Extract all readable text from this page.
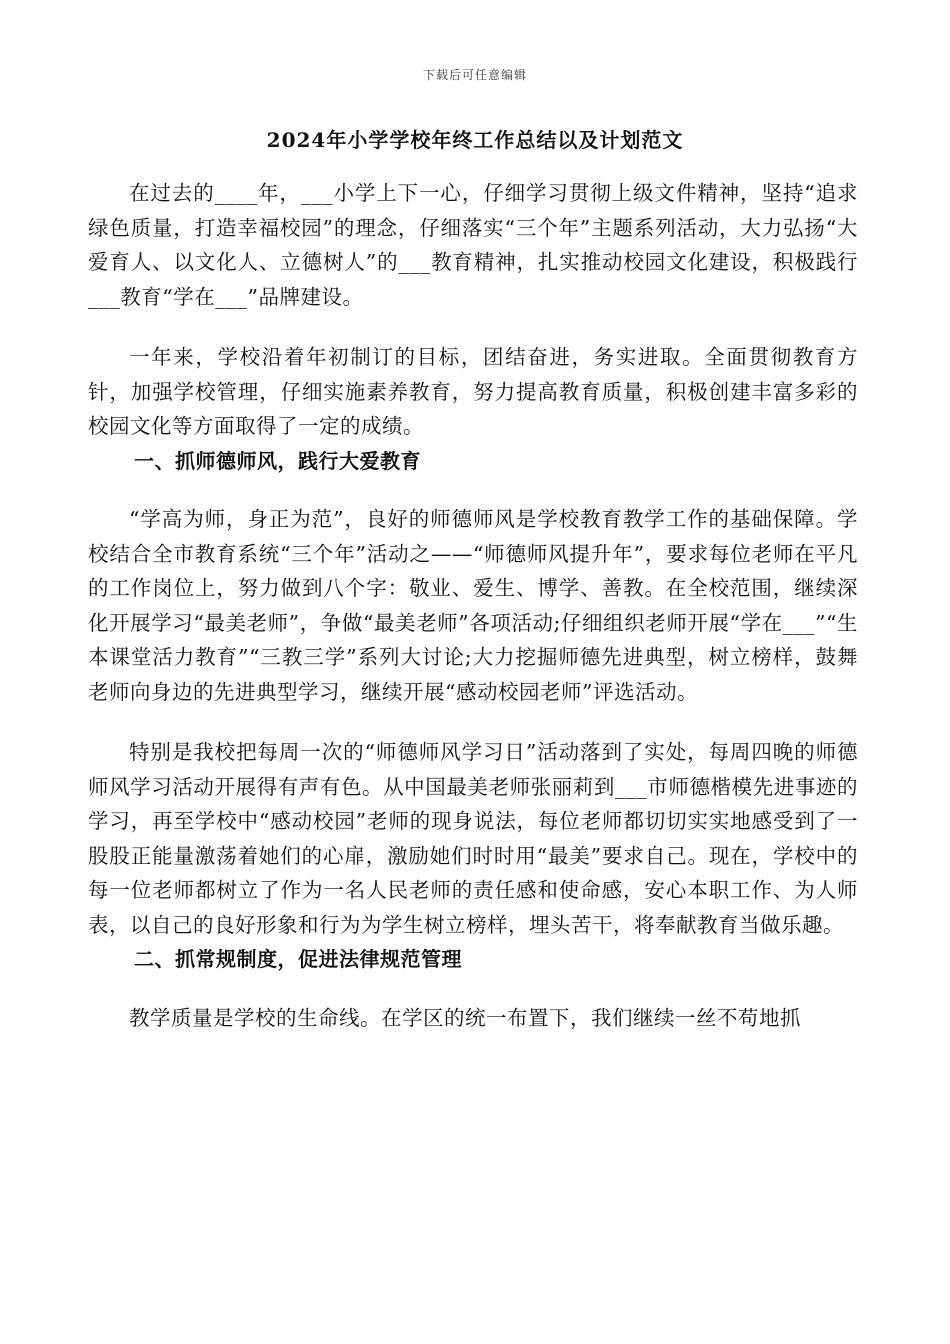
下载后可任意编辑
2024年小学学校年终工作总结以及计划范文

在过去的____年，___小学上下一心，仔细学习贯彻上级文件精神，坚持“追求绿色质量，打造幸福校园”的理念，仔细落实“三个年”主题系列活动，大力弘扬“大爱育人、以文化人、立德树人”的___教育精神，扎实推动校园文化建设，积极践行___教育“学在___”品牌建设。

一年来，学校沿着年初制订的目标，团结奋进，务实进取。全面贯彻教育方针，加强学校管理，仔细实施素养教育，努力提高教育质量，积极创建丰富多彩的校园文化等方面取得了一定的成绩。

一、抓师德师风，践行大爱教育

“学高为师，身正为范”，良好的师德师风是学校教育教学工作的基础保障。学校结合全市教育系统“三个年”活动之——“师德师风提升年”，要求每位老师在平凡的工作岗位上，努力做到八个字：敬业、爱生、博学、善教。在全校范围，继续深化开展学习“最美老师”，争做“最美老师”各项活动;仔细组织老师开展“学在___”“生本课堂活力教育”“三教三学”系列大讨论;大力挖掘师德先进典型，树立榜样，鼓舞老师向身边的先进典型学习，继续开展“感动校园老师”评选活动。

特别是我校把每周一次的“师德师风学习日”活动落到了实处，每周四晚的师德师风学习活动开展得有声有色。从中国最美老师张丽莉到___市师德楷模先进事迹的学习，再至学校中“感动校园”老师的现身说法，每位老师都切切实实地感受到了一股股正能量激荡着她们的心扉，激励她们时时用“最美”要求自己。现在，学校中的每一位老师都树立了作为一名人民老师的责任感和使命感，安心本职工作、为人师表，以自己的良好形象和行为为学生树立榜样，埋头苦干，将奉献教育当做乐趣。

二、抓常规制度，促进法律规范管理

教学质量是学校的生命线。在学区的统一布置下，我们继续一丝不苟地抓
